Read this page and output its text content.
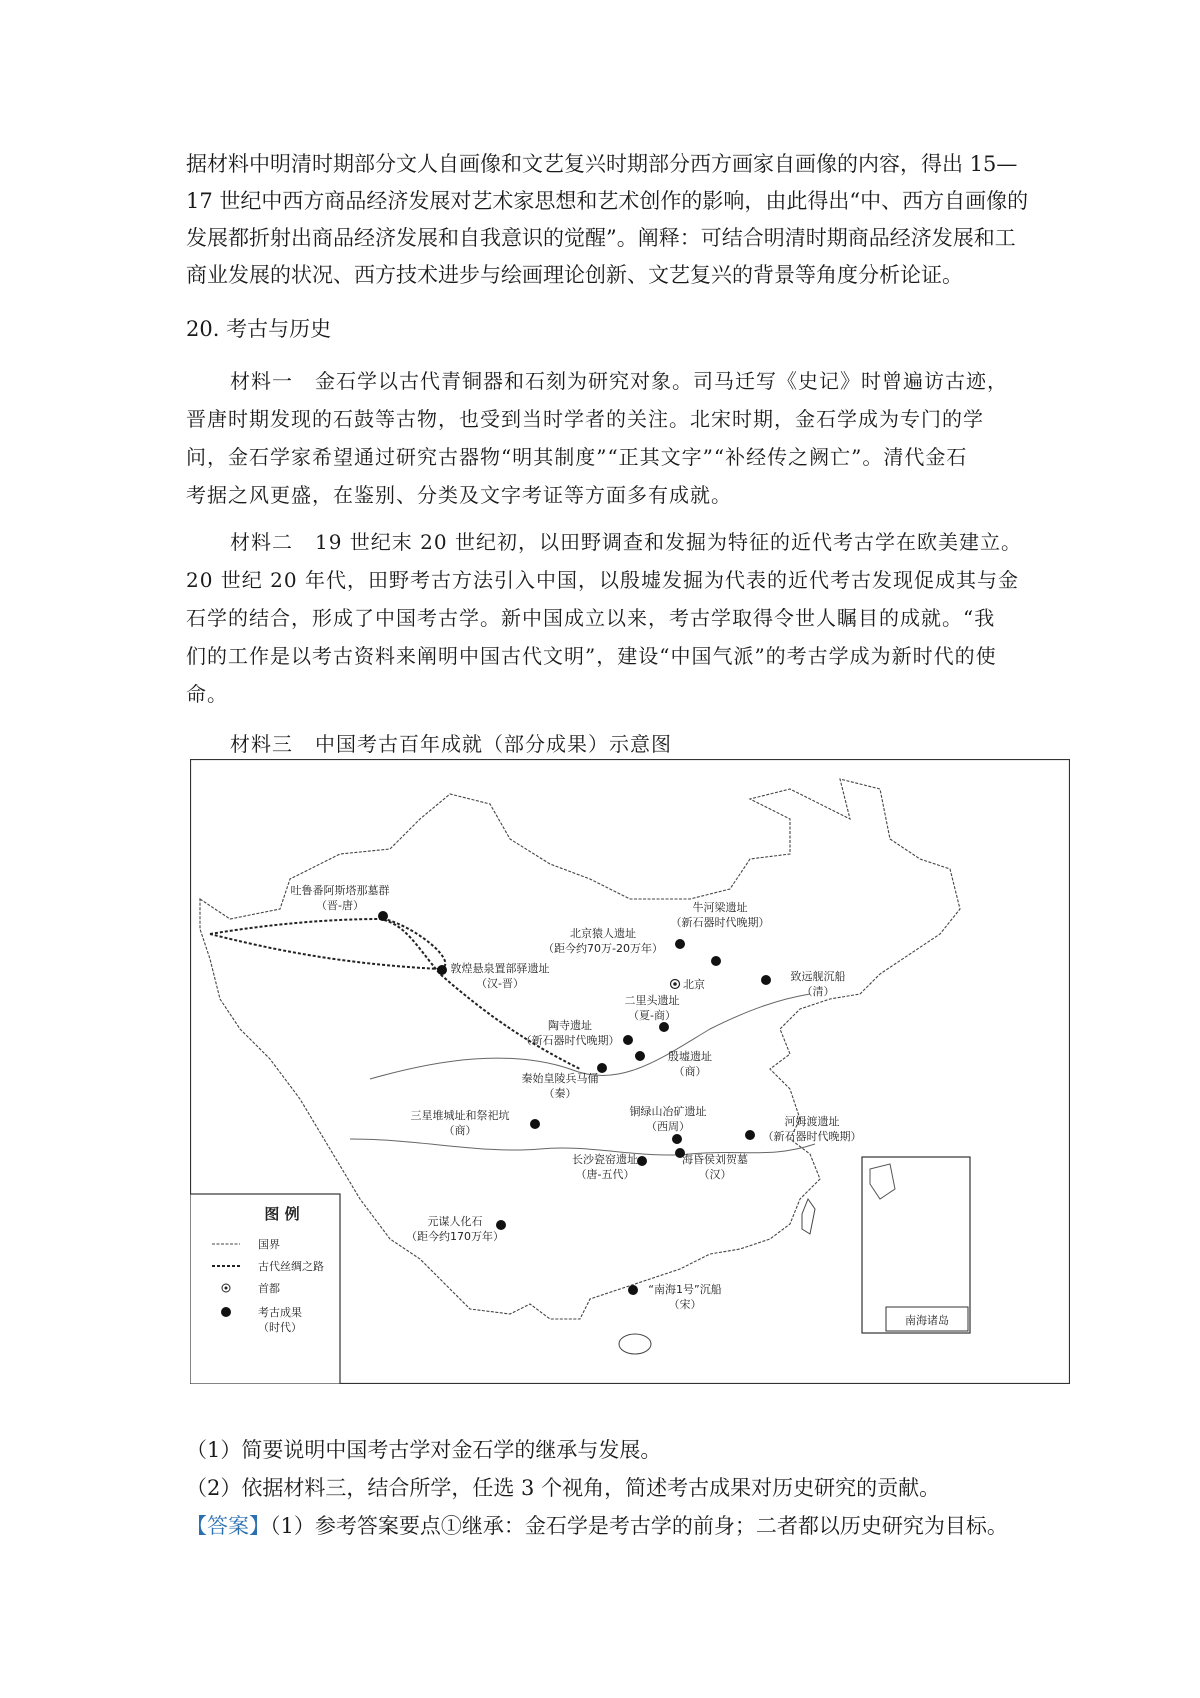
据材料中明清时期部分文人自画像和文艺复兴时期部分西方画家自画像的内容，得出 15—17 世纪中西方商品经济发展对艺术家思想和艺术创作的影响，由此得出“中、西方自画像的发展都折射出商品经济发展和自我意识的觉醒”。阐释：可结合明清时期商品经济发展和工商业发展的状况、西方技术进步与绘画理论创新、文艺复兴的背景等角度分析论证。

20. 考古与历史
材料一 金石学以古代青铜器和石刻为研究对象。司马迁写《史记》时曾遍访古迹，
晋唐时期发现的石鼓等古物，也受到当时学者的关注。北宋时期，金石学成为专门的学
问，金石学家希望通过研究古器物“明其制度”“正其文字”“补经传之阙亡”。清代金石
考据之风更盛，在鉴别、分类及文字考证等方面多有成就。
材料二 19 世纪末 20 世纪初，以田野调查和发掘为特征的近代考古学在欧美建立。
20 世纪 20 年代，田野考古方法引入中国，以殷墟发掘为代表的近代考古发现促成其与金
石学的结合，形成了中国考古学。新中国成立以来，考古学取得令世人瞩目的成就。“我
们的工作是以考古资料来阐明中国古代文明”，建设“中国气派”的考古学成为新时代的使
命。
材料三 中国考古百年成就（部分成果）示意图
南海诸岛
北京
吐鲁番阿斯塔那墓群
（晋-唐）
敦煌悬泉置部驿遗址
（汉-晋）
北京猿人遗址
（距今约70万-20万年）
牛河梁遗址
（新石器时代晚期）
致远舰沉船
（清）
二里头遗址
（夏-商）
陶寺遗址
（新石器时代晚期）
殷墟遗址
（商）
秦始皇陵兵马俑
（秦）
三星堆城址和祭祀坑
（商）
铜绿山冶矿遗址
（西周）	河姆渡遗址
（新石器时代晚期）
长沙瓷窑遗址
（唐-五代）
海昏侯刘贺墓
（汉）
元谋人化石
（距今约170万年）
“南海1号”沉船
（宋）
图 例
国界
古代丝绸之路
首都
考古成果
（时代）
（1）简要说明中国考古学对金石学的继承与发展。
（2）依据材料三，结合所学，任选 3 个视角，简述考古成果对历史研究的贡献。
【答案】（1）参考答案要点①继承：金石学是考古学的前身；二者都以历史研究为目标。
